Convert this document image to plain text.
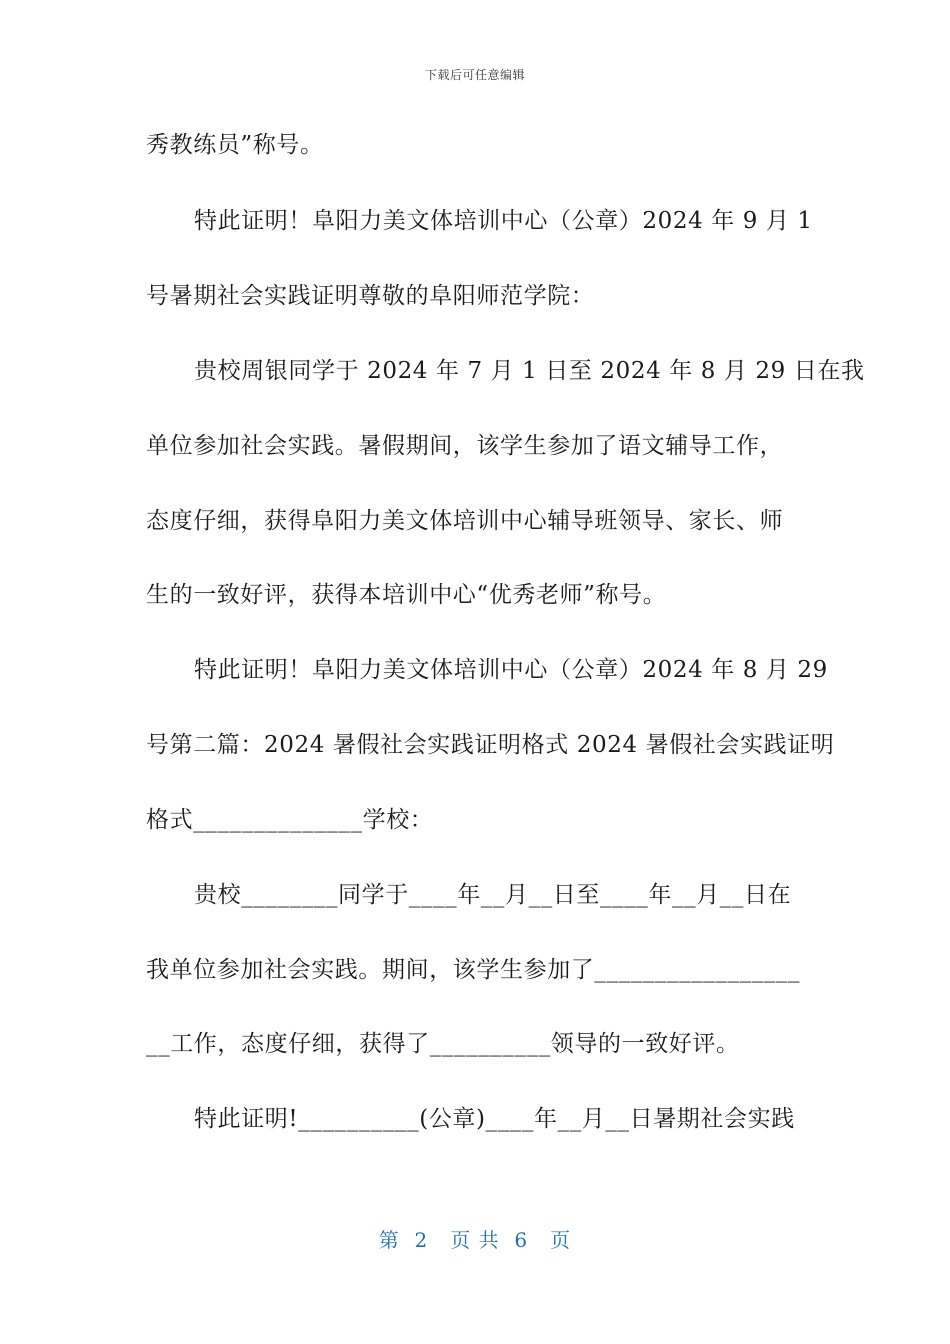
下载后可任意编辑
秀教练员”称号。
特此证明！阜阳力美文体培训中心（公章）2024 年 9 月 1
号暑期社会实践证明尊敬的阜阳师范学院：
贵校周银同学于 2024 年 7 月 1 日至 2024 年 8 月 29 日在我
单位参加社会实践。暑假期间，该学生参加了语文辅导工作，
态度仔细，获得阜阳力美文体培训中心辅导班领导、家长、师
生的一致好评，获得本培训中心“优秀老师”称号。
特此证明！阜阳力美文体培训中心（公章）2024 年 8 月 29
号第二篇：2024 暑假社会实践证明格式 2024 暑假社会实践证明
格式______________学校：
贵校________同学于____年__月__日至____年__月__日在
我单位参加社会实践。期间，该学生参加了_________________
__工作，态度仔细，获得了__________领导的一致好评。
特此证明!__________(公章)____年__月__日暑期社会实践
第  2   页 共  6   页
